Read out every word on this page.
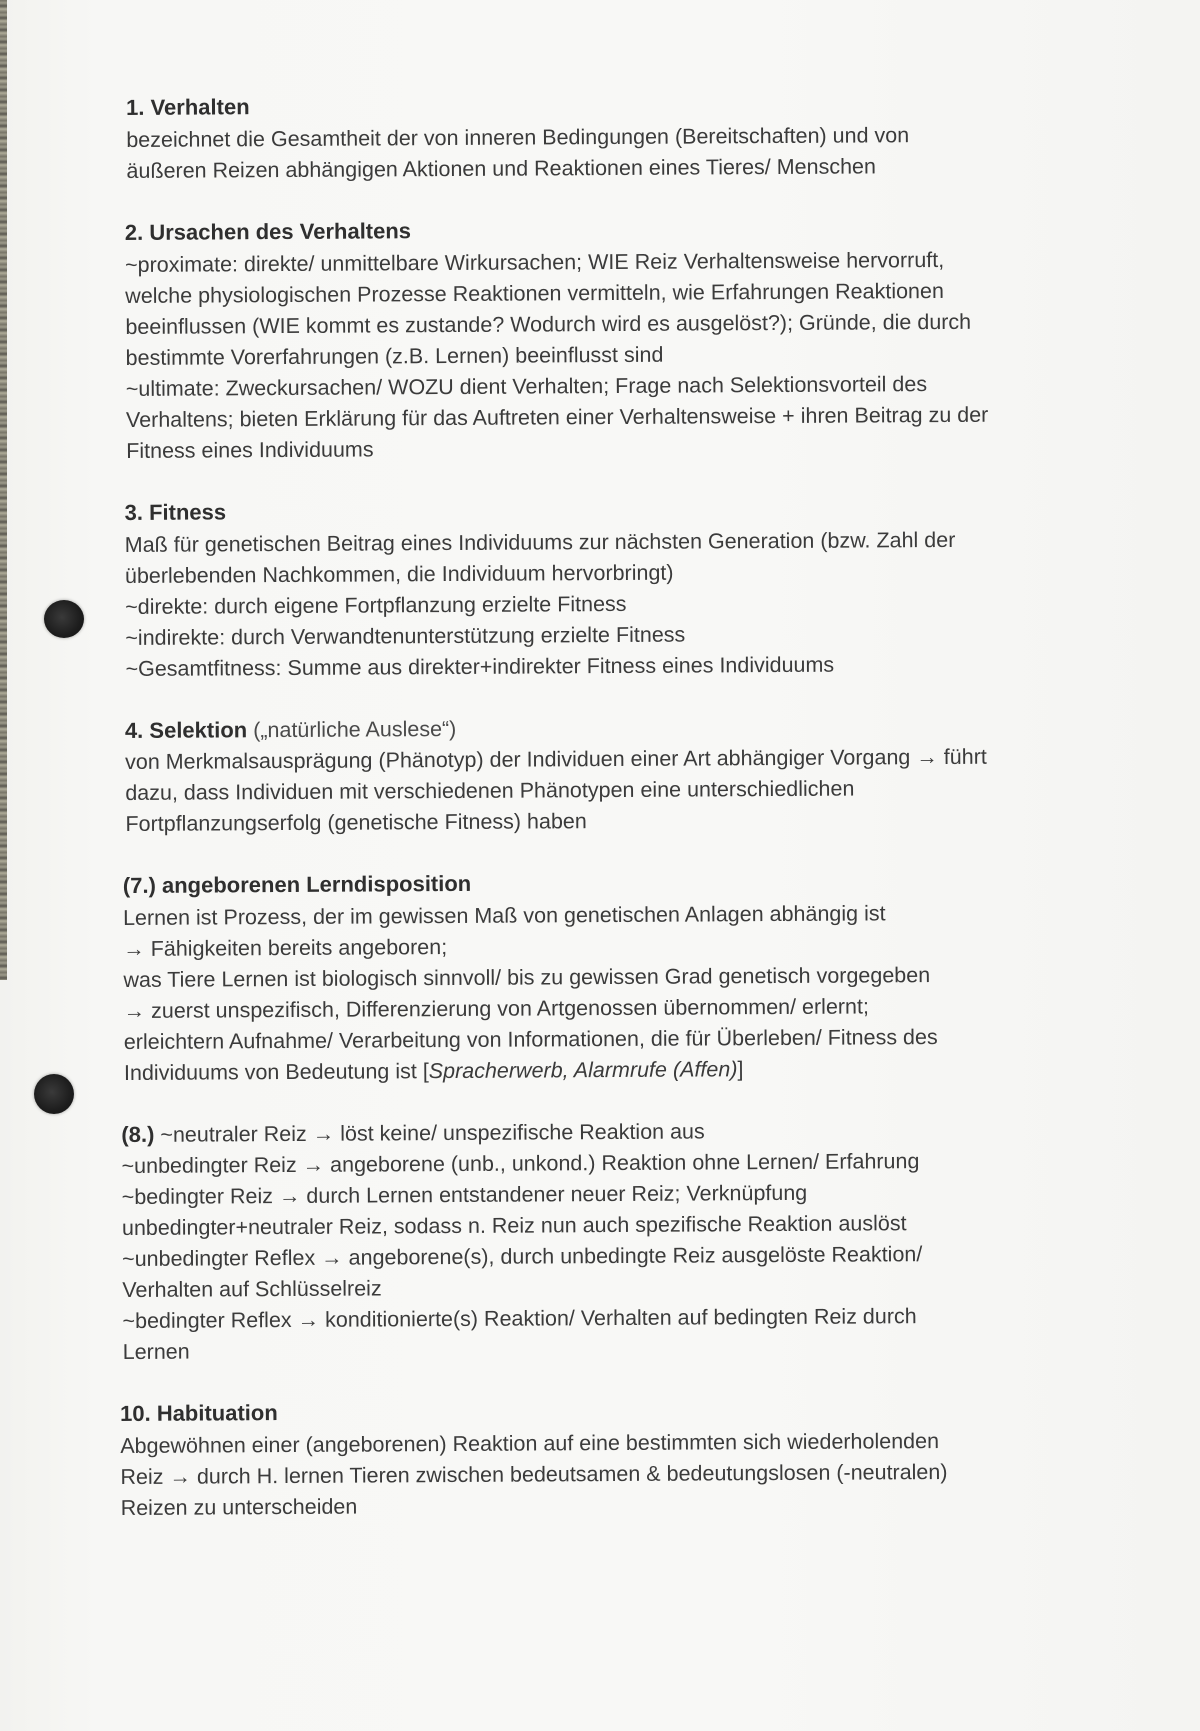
1. Verhalten
bezeichnet die Gesamtheit der von inneren Bedingungen (Bereitschaften) und von
äußeren Reizen abhängigen Aktionen und Reaktionen eines Tieres/ Menschen
2. Ursachen des Verhaltens
~proximate: direkte/ unmittelbare Wirkursachen; WIE Reiz Verhaltensweise hervorruft,
welche physiologischen Prozesse Reaktionen vermitteln, wie Erfahrungen Reaktionen
beeinflussen (WIE kommt es zustande? Wodurch wird es ausgelöst?); Gründe, die durch
bestimmte Vorerfahrungen (z.B. Lernen) beeinflusst sind
~ultimate: Zweckursachen/ WOZU dient Verhalten; Frage nach Selektionsvorteil des
Verhaltens; bieten Erklärung für das Auftreten einer Verhaltensweise + ihren Beitrag zu der
Fitness eines Individuums
3. Fitness
Maß für genetischen Beitrag eines Individuums zur nächsten Generation (bzw. Zahl der
überlebenden Nachkommen, die Individuum hervorbringt)
~direkte: durch eigene Fortpflanzung erzielte Fitness
~indirekte: durch Verwandtenunterstützung erzielte Fitness
~Gesamtfitness: Summe aus direkter+indirekter Fitness eines Individuums
4. Selektion („natürliche Auslese“)
von Merkmalsausprägung (Phänotyp) der Individuen einer Art abhängiger Vorgang → führt
dazu, dass Individuen mit verschiedenen Phänotypen eine unterschiedlichen
Fortpflanzungserfolg (genetische Fitness) haben
(7.) angeborenen Lerndisposition
Lernen ist Prozess, der im gewissen Maß von genetischen Anlagen abhängig ist
→ Fähigkeiten bereits angeboren;
was Tiere Lernen ist biologisch sinnvoll/ bis zu gewissen Grad genetisch vorgegeben
→ zuerst unspezifisch, Differenzierung von Artgenossen übernommen/ erlernt;
erleichtern Aufnahme/ Verarbeitung von Informationen, die für Überleben/ Fitness des
Individuums von Bedeutung ist [Spracherwerb, Alarmrufe (Affen)]
(8.) ~neutraler Reiz → löst keine/ unspezifische Reaktion aus
~unbedingter Reiz → angeborene (unb., unkond.) Reaktion ohne Lernen/ Erfahrung
~bedingter Reiz → durch Lernen entstandener neuer Reiz; Verknüpfung
unbedingter+neutraler Reiz, sodass n. Reiz nun auch spezifische Reaktion auslöst
~unbedingter Reflex → angeborene(s), durch unbedingte Reiz ausgelöste Reaktion/
Verhalten auf Schlüsselreiz
~bedingter Reflex → konditionierte(s) Reaktion/ Verhalten auf bedingten Reiz durch
Lernen
10. Habituation
Abgewöhnen einer (angeborenen) Reaktion auf eine bestimmten sich wiederholenden
Reiz → durch H. lernen Tieren zwischen bedeutsamen & bedeutungslosen (-neutralen)
Reizen zu unterscheiden
